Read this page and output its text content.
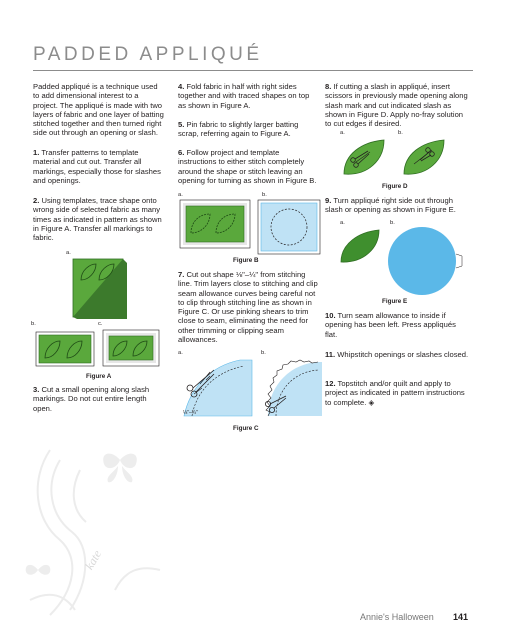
PADDED APPLIQUÉ

Padded appliqué is a technique used to add dimensional interest to a project. The appliqué is made with two layers of fabric and one layer of batting stitched together and then turned right side out through an opening or slash.

1. Transfer patterns to template material and cut out. Transfer all markings, especially those for slashes and openings.

2. Using templates, trace shape onto wrong side of selected fabric as many times as indicated in pattern as shown in Figure A. Transfer all markings to fabric.

a.

b.	c.

Figure A

3. Cut a small opening along slash markings. Do not cut entire length open.

4. Fold fabric in half with right sides together and with traced shapes on top as shown in Figure A.

5. Pin fabric to slightly larger batting scrap, referring again to Figure A.

6. Follow project and template instructions to either stitch completely around the shape or stitch leaving an opening for turning as shown in Figure B.

a.	b.

Figure B

7. Cut out shape ⅛"–¼" from stitching line. Trim layers close to stitching and clip seam allowance curves being careful not to clip through stitching line as shown in Figure C. Or use pinking shears to trim close to seam, eliminating the need for other trimming or clipping seam allowances.

a.

⅛"–¼"

b.

Figure C

8. If cutting a slash in appliqué, insert scissors in previously made opening along slash mark and cut indicated slash as shown in Figure D. Apply no-fray solution to cut edges if desired.

a.	b.

Figure D

9. Turn appliqué right side out through slash or opening as shown in Figure E.

a.	b.

Figure E

10. Turn seam allowance to inside if opening has been left. Press appliqués flat.

11. Whipstitch openings or slashes closed.

12. Topstitch and/or quilt and apply to project as indicated in pattern instructions to complete. ◈

kate
Annie's Halloween 141
